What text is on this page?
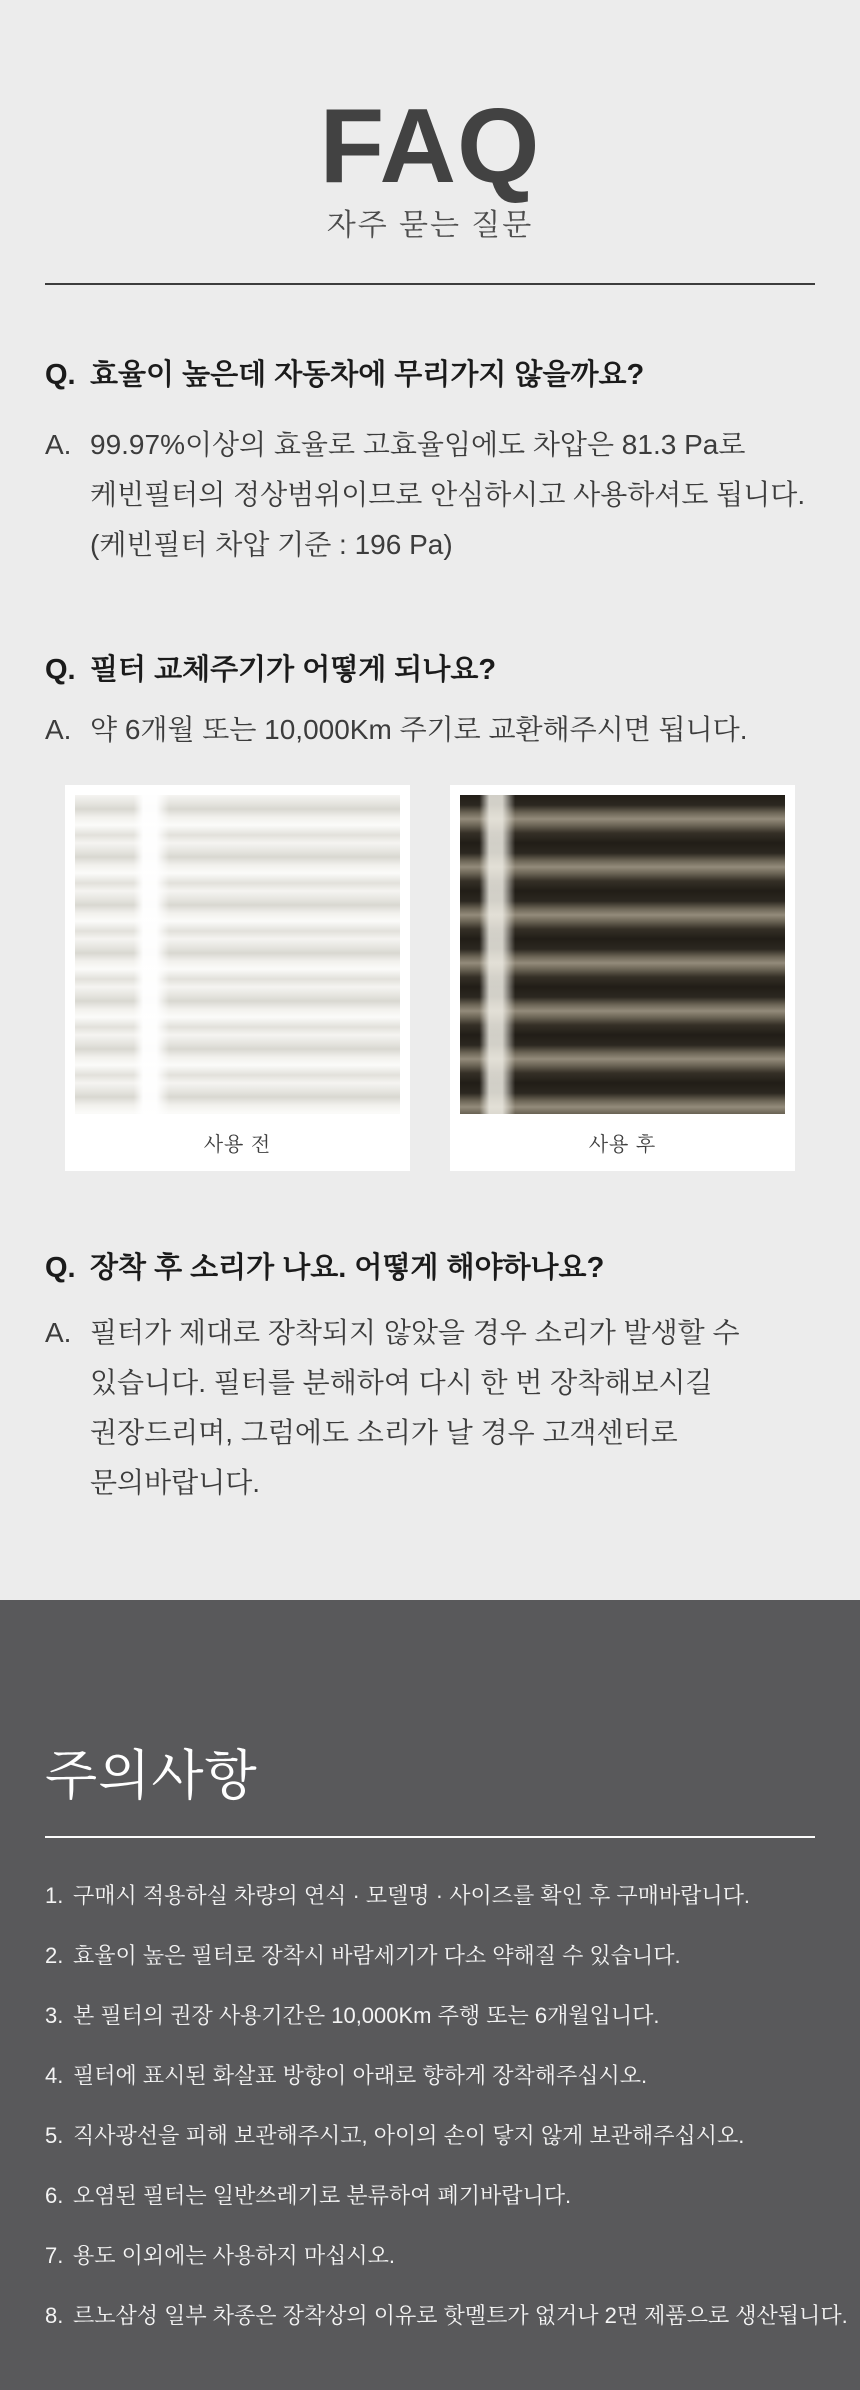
FAQ

자주 묻는 질문

Q. 효율이 높은데 자동차에 무리가지 않을까요?
A. 99.97%이상의 효율로 고효율임에도 차압은 81.3 Pa로
케빈필터의 정상범위이므로 안심하시고 사용하셔도 됩니다.
(케빈필터 차압 기준 : 196 Pa)
Q. 필터 교체주기가 어떻게 되나요?
A. 약 6개월 또는 10,000Km 주기로 교환해주시면 됩니다.
사용 전	사용 후
Q. 장착 후 소리가 나요. 어떻게 해야하나요?
A. 필터가 제대로 장착되지 않았을 경우 소리가 발생할 수
있습니다. 필터를 분해하여 다시 한 번 장착해보시길
권장드리며, 그럼에도 소리가 날 경우 고객센터로
문의바랍니다.
주의사항
1. 구매시 적용하실 차량의 연식 · 모델명 · 사이즈를 확인 후 구매바랍니다.
2. 효율이 높은 필터로 장착시 바람세기가 다소 약해질 수 있습니다.
3. 본 필터의 권장 사용기간은 10,000Km 주행 또는 6개월입니다.
4. 필터에 표시된 화살표 방향이 아래로 향하게 장착해주십시오.
5. 직사광선을 피해 보관해주시고, 아이의 손이 닿지 않게 보관해주십시오.
6. 오염된 필터는 일반쓰레기로 분류하여 폐기바랍니다.
7. 용도 이외에는 사용하지 마십시오.
8. 르노삼성 일부 차종은 장착상의 이유로 핫멜트가 없거나 2면 제품으로 생산됩니다.
